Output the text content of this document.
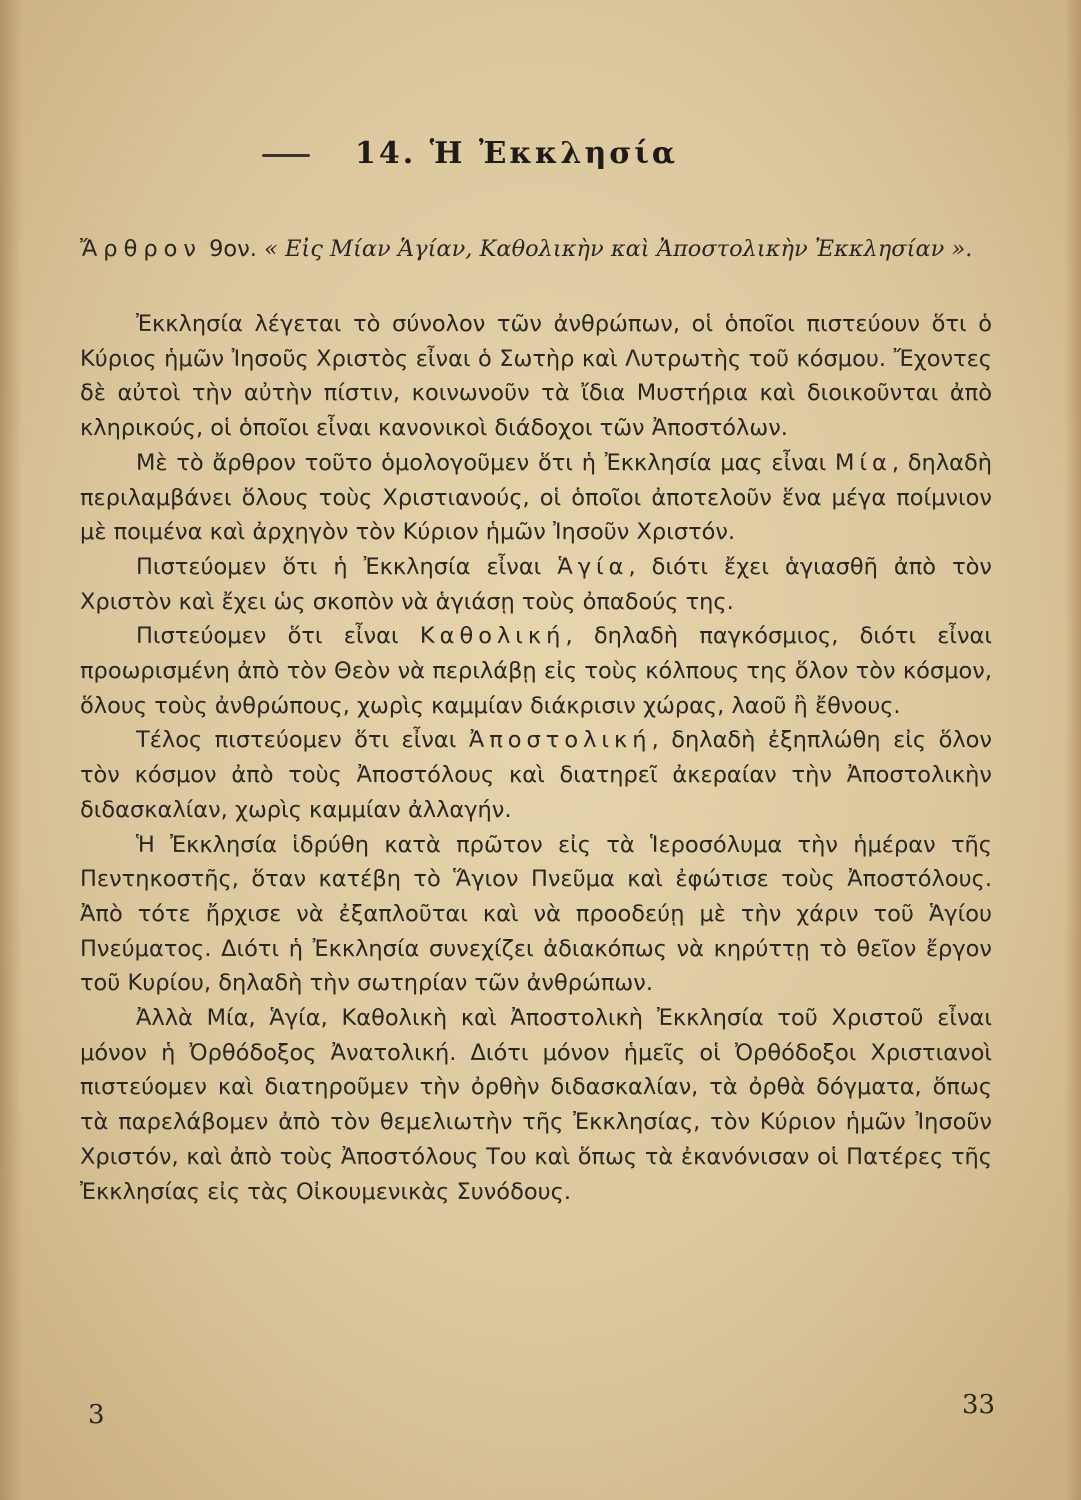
14. Ἡ Ἐκκλησία
Ἄρθρον 9ον. « Εἰς Μίαν Ἁγίαν, Καθολικὴν καὶ Ἀποστολικὴν Ἐκκλησίαν ».

Ἐκκλησία λέγεται τὸ σύνολον τῶν ἀνθρώπων, οἱ ὁποῖοι πιστεύουν ὅτι ὁ Κύριος ἡμῶν Ἰησοῦς Χριστὸς εἶναι ὁ Σωτὴρ καὶ Λυτρωτὴς τοῦ κόσμου. Ἔχοντες δὲ αὐτοὶ τὴν αὐτὴν πίστιν, κοινωνοῦν τὰ ἴδια Μυστήρια καὶ διοικοῦνται ἀπὸ κληρικούς, οἱ ὁποῖοι εἶναι κανονικοὶ διάδοχοι τῶν Ἀποστόλων.

Μὲ τὸ ἄρθρον τοῦτο ὁμολογοῦμεν ὅτι ἡ Ἐκκλησία μας εἶναι Μία, δηλαδὴ περιλαμβάνει ὅλους τοὺς Χριστιανούς, οἱ ὁποῖοι ἀποτελοῦν ἕνα μέγα ποίμνιον μὲ ποιμένα καὶ ἀρχηγὸν τὸν Κύριον ἡμῶν Ἰησοῦν Χριστόν.

Πιστεύομεν ὅτι ἡ Ἐκκλησία εἶναι Ἁγία, διότι ἔχει ἁγιασθῆ ἀπὸ τὸν Χριστὸν καὶ ἔχει ὡς σκοπὸν νὰ ἁγιάσῃ τοὺς ὀπαδούς της.

Πιστεύομεν ὅτι εἶναι Καθολική, δηλαδὴ παγκόσμιος, διότι εἶναι προωρισμένη ἀπὸ τὸν Θεὸν νὰ περιλάβῃ εἰς τοὺς κόλπους της ὅλον τὸν κόσμον, ὅλους τοὺς ἀνθρώπους, χωρὶς καμμίαν διάκρισιν χώρας, λαοῦ ἢ ἔθνους.

Τέλος πιστεύομεν ὅτι εἶναι Ἀποστολική, δηλαδὴ ἐξηπλώθη εἰς ὅλον τὸν κόσμον ἀπὸ τοὺς Ἀποστόλους καὶ διατηρεῖ ἀκεραίαν τὴν Ἀποστολικὴν διδασκαλίαν, χωρὶς καμμίαν ἀλλαγήν.

Ἡ Ἐκκλησία ἱδρύθη κατὰ πρῶτον εἰς τὰ Ἱεροσόλυμα τὴν ἡμέραν τῆς Πεντηκοστῆς, ὅταν κατέβη τὸ Ἅγιον Πνεῦμα καὶ ἐφώτισε τοὺς Ἀποστόλους. Ἀπὸ τότε ἤρχισε νὰ ἐξαπλοῦται καὶ νὰ προοδεύῃ μὲ τὴν χάριν τοῦ Ἁγίου Πνεύματος. Διότι ἡ Ἐκκλησία συνεχίζει ἀδιακόπως νὰ κηρύττῃ τὸ θεῖον ἔργον τοῦ Κυρίου, δηλαδὴ τὴν σωτηρίαν τῶν ἀνθρώπων.

Ἀλλὰ Μία, Ἁγία, Καθολικὴ καὶ Ἀποστολικὴ Ἐκκλησία τοῦ Χριστοῦ εἶναι μόνον ἡ Ὀρθόδοξος Ἀνατολική. Διότι μόνον ἡμεῖς οἱ Ὀρθόδοξοι Χριστιανοὶ πιστεύομεν καὶ διατηροῦμεν τὴν ὀρθὴν διδασκαλίαν, τὰ ὀρθὰ δόγματα, ὅπως τὰ παρελάβομεν ἀπὸ τὸν θεμελιωτὴν τῆς Ἐκκλησίας, τὸν Κύριον ἡμῶν Ἰησοῦν Χριστόν, καὶ ἀπὸ τοὺς Ἀποστόλους Του καὶ ὅπως τὰ ἐκανόνισαν οἱ Πατέρες τῆς Ἐκκλησίας εἰς τὰς Οἰκουμενικὰς Συνόδους.

3	33
